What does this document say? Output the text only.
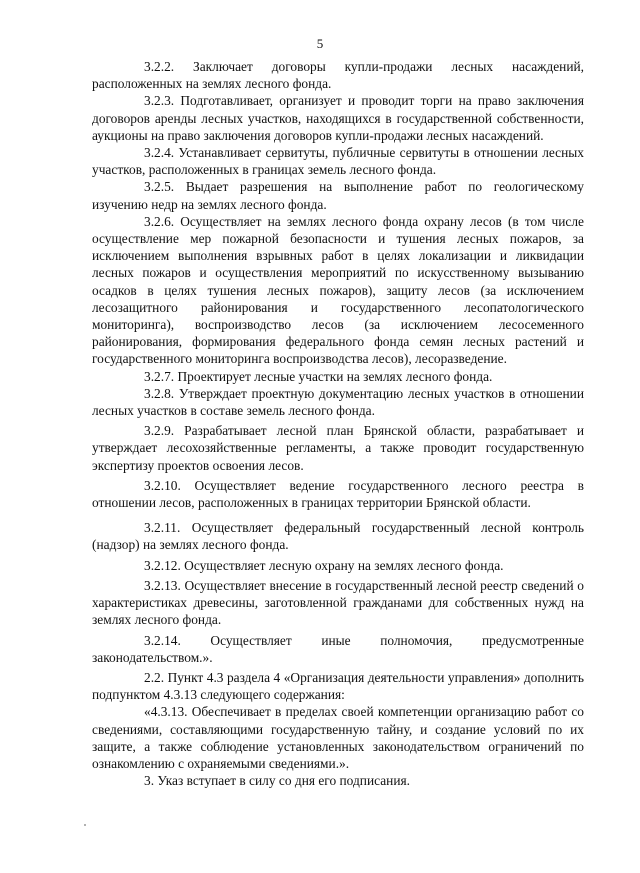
5

3.2.2. Заключает договоры купли-продажи лесных насаждений, расположенных на землях лесного фонда.

3.2.3. Подготавливает, организует и проводит торги на право заключения договоров аренды лесных участков, находящихся в государственной собственности, аукционы на право заключения договоров купли-продажи лесных насаждений.

3.2.4. Устанавливает сервитуты, публичные сервитуты в отношении лесных участков, расположенных в границах земель лесного фонда.

3.2.5. Выдает разрешения на выполнение работ по геологическому изучению недр на землях лесного фонда.

3.2.6. Осуществляет на землях лесного фонда охрану лесов (в том числе осуществление мер пожарной безопасности и тушения лесных пожаров, за исключением выполнения взрывных работ в целях локализации и ликвидации лесных пожаров и осуществления мероприятий по искусственному вызыванию осадков в целях тушения лесных пожаров), защиту лесов (за исключением лесозащитного районирования и государственного лесопатологического мониторинга), воспроизводство лесов (за исключением лесосеменного районирования, формирования федерального фонда семян лесных растений и государственного мониторинга воспроизводства лесов), лесоразведение.

3.2.7. Проектирует лесные участки на землях лесного фонда.

3.2.8. Утверждает проектную документацию лесных участков в отношении лесных участков в составе земель лесного фонда.

3.2.9. Разрабатывает лесной план Брянской области, разрабатывает и утверждает лесохозяйственные регламенты, а также проводит государственную экспертизу проектов освоения лесов.

3.2.10. Осуществляет ведение государственного лесного реестра в отношении лесов, расположенных в границах территории Брянской области.

3.2.11. Осуществляет федеральный государственный лесной контроль (надзор) на землях лесного фонда.

3.2.12. Осуществляет лесную охрану на землях лесного фонда.

3.2.13. Осуществляет внесение в государственный лесной реестр сведений о характеристиках древесины, заготовленной гражданами для собственных нужд на землях лесного фонда.

3.2.14. Осуществляет иные полномочия, предусмотренные законодательством.».

2.2. Пункт 4.3 раздела 4 «Организация деятельности управления» дополнить подпунктом 4.3.13 следующего содержания:

«4.3.13. Обеспечивает в пределах своей компетенции организацию работ со сведениями, составляющими государственную тайну, и создание условий по их защите, а также соблюдение установленных законодательством ограничений по ознакомлению с охраняемыми сведениями.».

3. Указ вступает в силу со дня его подписания.
